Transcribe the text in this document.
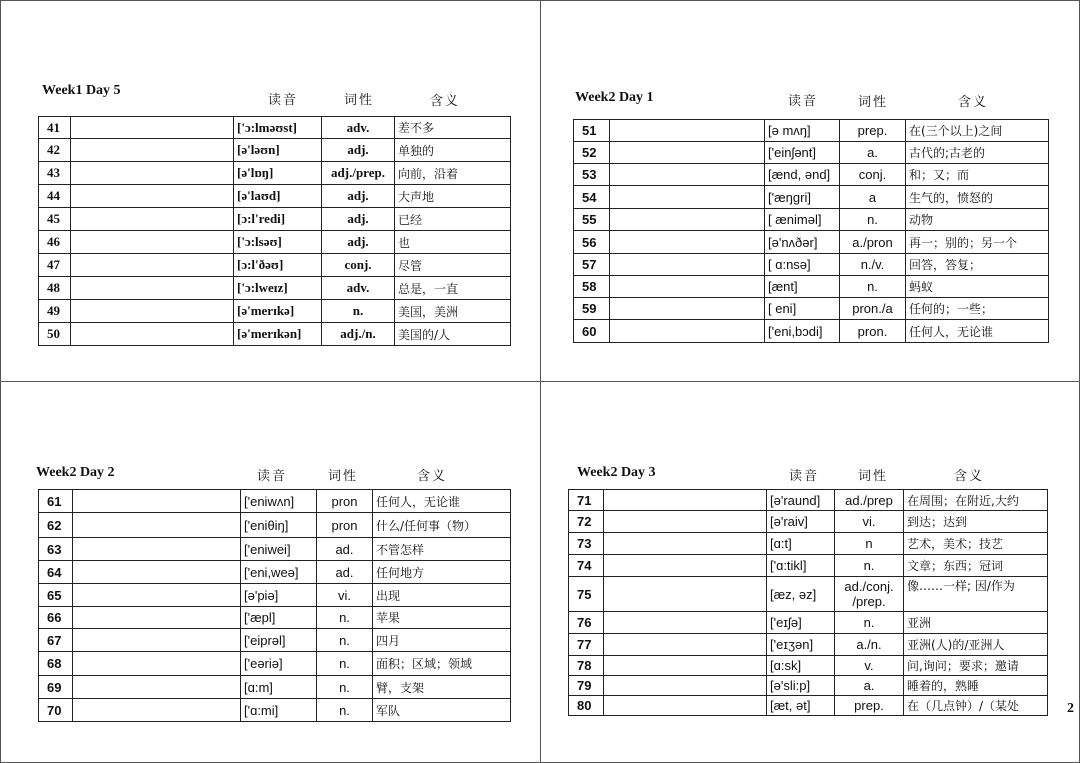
Week1 Day 5
读音	词性	含义
41		['ɔ:lməʊst]	adv.	差不多
42		[ə'ləʊn]	adj.	单独的
43		[ə'lɒŋ]	adj./prep.	向前，沿着
44		[ə'laʊd]	adj.	大声地
45		[ɔ:l'redi]	adj.	已经
46		['ɔ:lsəʊ]	adj.	也
47		[ɔ:l'ðəʊ]	conj.	尽管
48		['ɔ:lweɪz]	adv.	总是，一直
49		[ə'merɪkə]	n.	美国，美洲
50		[ə'merɪkən]	adj./n.	美国的/人
Week2 Day 1	读音	词性	含义
51		[ə mʌŋ]	prep.	在(三个以上)之间
52		['einʃənt]	a.	古代的;古老的
53		[ænd, ənd]	conj.	和；又；而
54		['æŋgri]	a	生气的，愤怒的
55		[ ænimәl]	n.	动物
56		[ə'nʌðər]	a./pron	再一；别的；另一个
57		[ ɑ:nsə]	n./v.	回答，答复；
58		[ænt]	n.	蚂蚁
59		[ eni]	pron./a	任何的；一些；
60		['eni,bɔdi]	pron.	任何人，无论谁
Week2 Day 2	读音	词性	含义
61		['eniwʌn]	pron	任何人，无论谁
62		['eniθiŋ]	pron	什么/任何事（物）
63		['eniwei]	ad.	不管怎样
64		['eni,weə]	ad.	任何地方
65		[ə'piə]	vi.	出现
66		['æpl]	n.	苹果
67		['eiprəl]	n.	四月
68		['eəriə]	n.	面积；区域；领域
69		[ɑ:m]	n.	臂，支架
70		['ɑ:mi]	n.	军队
Week2 Day 3	读音	词性	含义
71		[ə'raund]	ad./prep	在周围；在附近,大约
72		[ə'raiv]	vi.	到达；达到
73		[ɑ:t]	n	艺术，美术；技艺
74		['ɑ:tikl]	n.	文章；东西；冠词
75		[æz, əz]	ad./conj.
/prep.	像……一样; 因/作为
76		['eɪʃə]	n.	亚洲
77		['eɪʒən]	a./n.	亚洲(人)的/亚洲人
78		[ɑ:sk]	v.	问,询问；要求；邀请
79		[ə'sli:p]	a.	睡着的，熟睡
80		[æt, ət]	prep.	在（几点钟）/（某处	2
